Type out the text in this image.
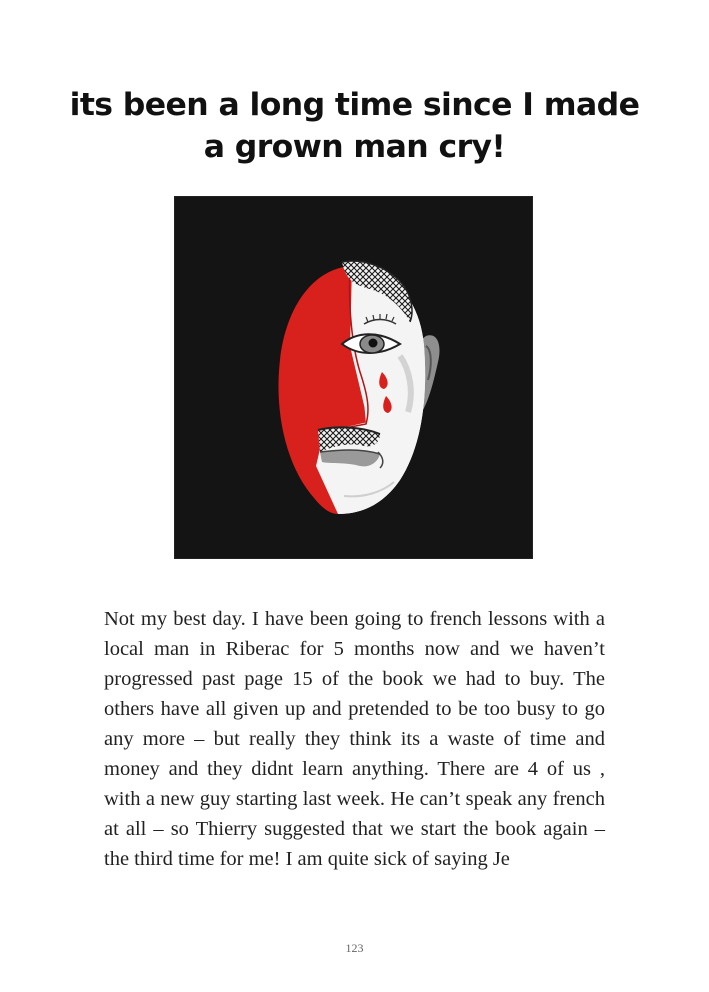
its been a long time since I made a grown man cry!

Not my best day. I have been going to french lessons with a local man in Riberac for 5 months now and we haven’t progressed past page 15 of the book we had to buy. The others have all given up and pretended to be too busy to go any more – but really they think its a waste of time and money and they didnt learn anything. There are 4 of us , with a new guy starting last week. He can’t speak any french at all – so Thierry suggested that we start the book again – the third time for me! I am quite sick of saying Je

123
